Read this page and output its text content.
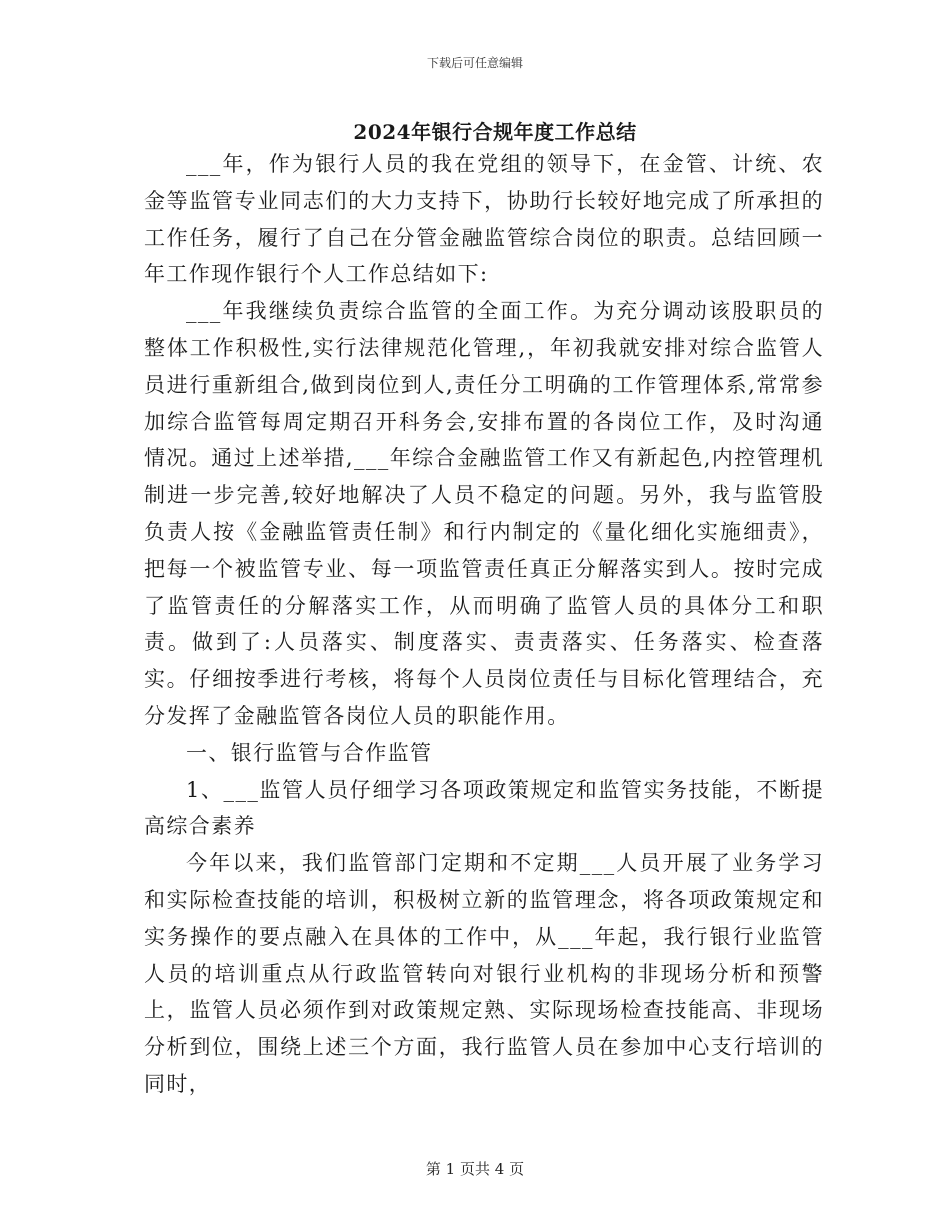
下载后可任意编辑
2024年银行合规年度工作总结

___年，作为银行人员的我在党组的领导下，在金管、计统、农金等监管专业同志们的大力支持下，协助行长较好地完成了所承担的工作任务，履行了自己在分管金融监管综合岗位的职责。总结回顾一年工作现作银行个人工作总结如下:

___年我继续负责综合监管的全面工作。为充分调动该股职员的整体工作积极性,实行法律规范化管理,，年初我就安排对综合监管人员进行重新组合,做到岗位到人,责任分工明确的工作管理体系,常常参加综合监管每周定期召开科务会,安排布置的各岗位工作，及时沟通情况。通过上述举措,___年综合金融监管工作又有新起色,内控管理机制进一步完善,较好地解决了人员不稳定的问题。另外，我与监管股负责人按《金融监管责任制》和行内制定的《量化细化实施细责》，把每一个被监管专业、每一项监管责任真正分解落实到人。按时完成了监管责任的分解落实工作，从而明确了监管人员的具体分工和职责。做到了:人员落实、制度落实、责责落实、任务落实、检查落实。仔细按季进行考核，将每个人员岗位责任与目标化管理结合，充分发挥了金融监管各岗位人员的职能作用。

一、银行监管与合作监管

1、___监管人员仔细学习各项政策规定和监管实务技能，不断提高综合素养

今年以来，我们监管部门定期和不定期___人员开展了业务学习和实际检查技能的培训，积极树立新的监管理念，将各项政策规定和实务操作的要点融入在具体的工作中，从___年起，我行银行业监管人员的培训重点从行政监管转向对银行业机构的非现场分析和预警上，监管人员必须作到对政策规定熟、实际现场检查技能高、非现场分析到位，围绕上述三个方面，我行监管人员在参加中心支行培训的同时，

第 1 页共 4 页
